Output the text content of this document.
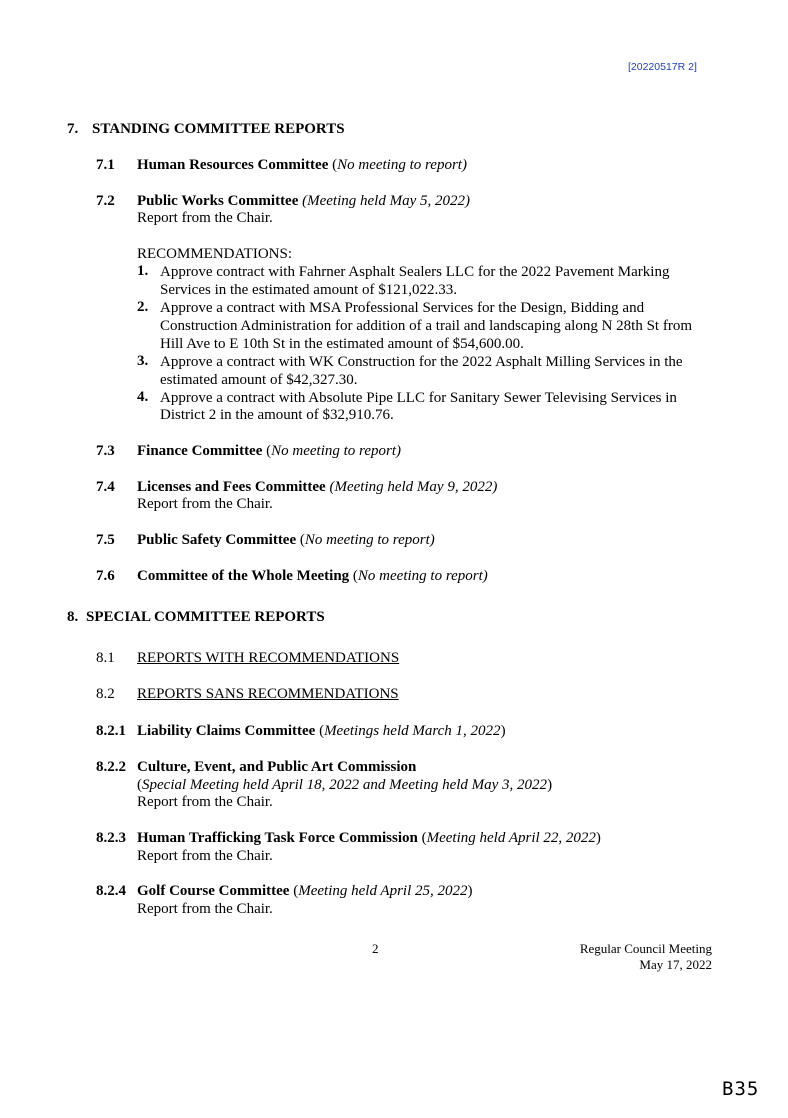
[20220517R 2]
7. STANDING COMMITTEE REPORTS
7.1 Human Resources Committee (No meeting to report)
7.2 Public Works Committee (Meeting held May 5, 2022)
Report from the Chair.
RECOMMENDATIONS:
1. Approve contract with Fahrner Asphalt Sealers LLC for the 2022 Pavement Marking
Services in the estimated amount of $121,022.33.
2. Approve a contract with MSA Professional Services for the Design, Bidding and
Construction Administration for addition of a trail and landscaping along N 28th St from
Hill Ave to E 10th St in the estimated amount of $54,600.00.
3. Approve a contract with WK Construction for the 2022 Asphalt Milling Services in the
estimated amount of $42,327.30.
4. Approve a contract with Absolute Pipe LLC for Sanitary Sewer Televising Services in
District 2 in the amount of $32,910.76.
7.3 Finance Committee (No meeting to report)
7.4 Licenses and Fees Committee (Meeting held May 9, 2022)
Report from the Chair.
7.5 Public Safety Committee (No meeting to report)
7.6 Committee of the Whole Meeting (No meeting to report)
8. SPECIAL COMMITTEE REPORTS
8.1 REPORTS WITH RECOMMENDATIONS
8.2 REPORTS SANS RECOMMENDATIONS
8.2.1 Liability Claims Committee (Meetings held March 1, 2022)
8.2.2 Culture, Event, and Public Art Commission
(Special Meeting held April 18, 2022 and Meeting held May 3, 2022)
Report from the Chair.
8.2.3 Human Trafficking Task Force Commission (Meeting held April 22, 2022)
Report from the Chair.
8.2.4 Golf Course Committee (Meeting held April 25, 2022)
Report from the Chair.
2	Regular Council Meeting
May 17, 2022
B35
